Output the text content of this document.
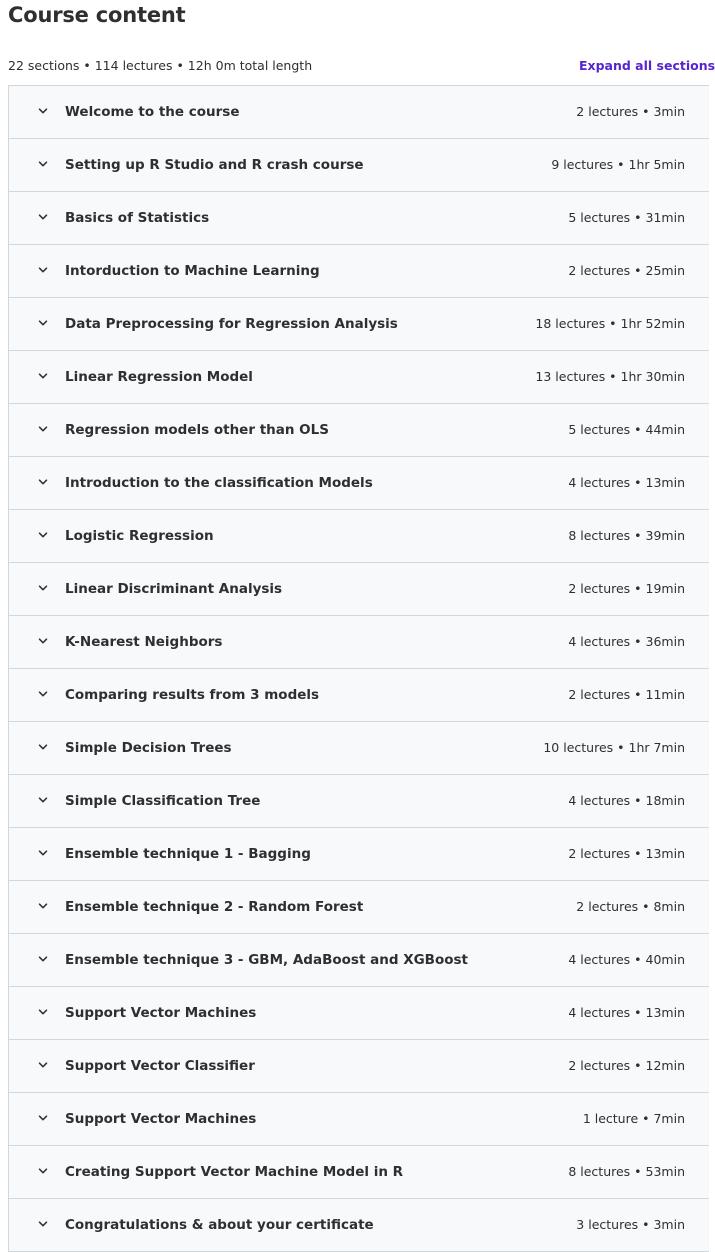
Course content
22 sections • 114 lectures • 12h 0m total length	Expand all sections
Welcome to the course	2 lectures • 3min
Setting up R Studio and R crash course	9 lectures • 1hr 5min
Basics of Statistics	5 lectures • 31min
Intorduction to Machine Learning	2 lectures • 25min
Data Preprocessing for Regression Analysis	18 lectures • 1hr 52min
Linear Regression Model	13 lectures • 1hr 30min
Regression models other than OLS	5 lectures • 44min
Introduction to the classification Models	4 lectures • 13min
Logistic Regression	8 lectures • 39min
Linear Discriminant Analysis	2 lectures • 19min
K-Nearest Neighbors	4 lectures • 36min
Comparing results from 3 models	2 lectures • 11min
Simple Decision Trees	10 lectures • 1hr 7min
Simple Classification Tree	4 lectures • 18min
Ensemble technique 1 - Bagging	2 lectures • 13min
Ensemble technique 2 - Random Forest	2 lectures • 8min
Ensemble technique 3 - GBM, AdaBoost and XGBoost	4 lectures • 40min
Support Vector Machines	4 lectures • 13min
Support Vector Classifier	2 lectures • 12min
Support Vector Machines	1 lecture • 7min
Creating Support Vector Machine Model in R	8 lectures • 53min
Congratulations & about your certificate	3 lectures • 3min
